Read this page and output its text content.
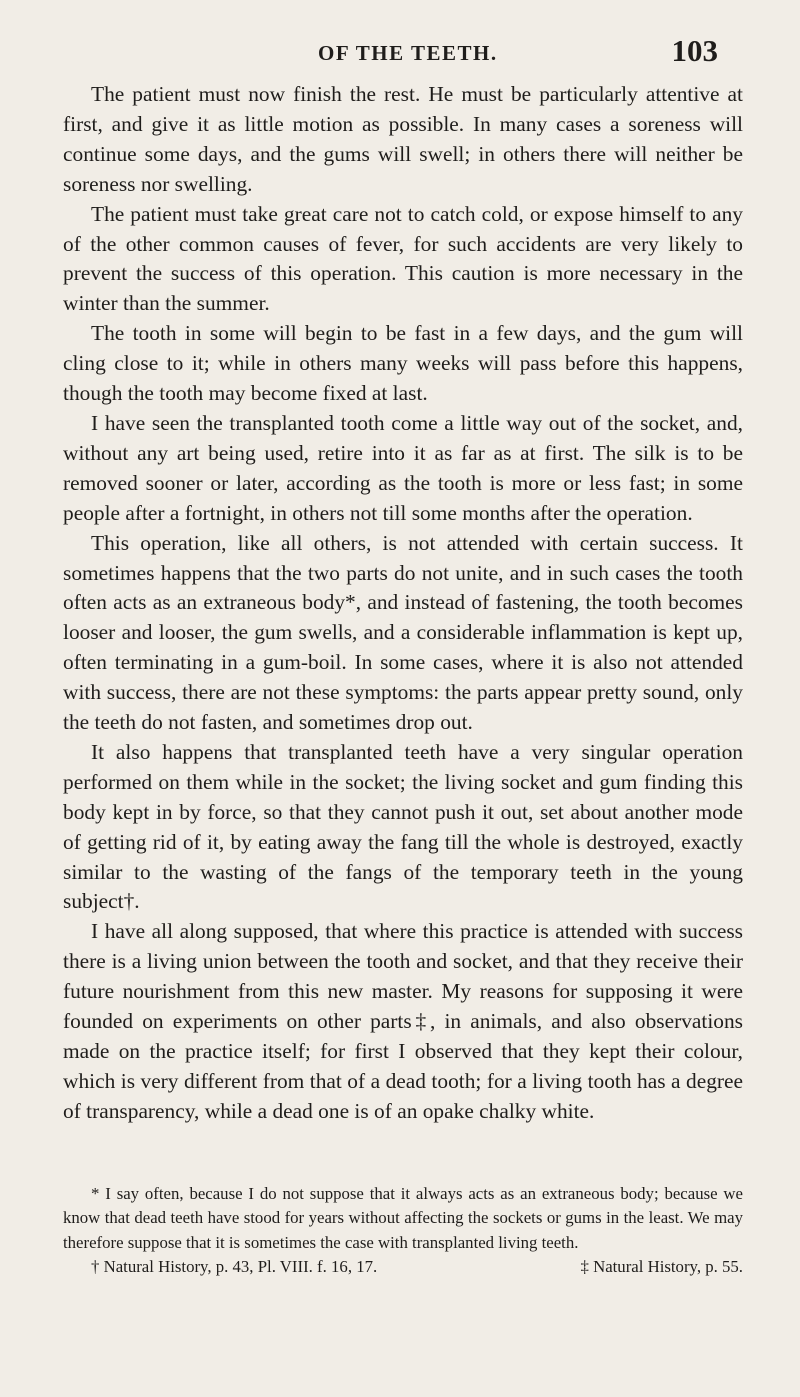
OF THE TEETH.	103

The patient must now finish the rest. He must be particularly attentive at first, and give it as little motion as possible. In many cases a soreness will continue some days, and the gums will swell; in others there will neither be soreness nor swelling.

The patient must take great care not to catch cold, or expose himself to any of the other common causes of fever, for such accidents are very likely to prevent the success of this operation. This caution is more necessary in the winter than the summer.

The tooth in some will begin to be fast in a few days, and the gum will cling close to it; while in others many weeks will pass before this happens, though the tooth may become fixed at last.

I have seen the transplanted tooth come a little way out of the socket, and, without any art being used, retire into it as far as at first. The silk is to be removed sooner or later, according as the tooth is more or less fast; in some people after a fortnight, in others not till some months after the operation.

This operation, like all others, is not attended with certain success. It sometimes happens that the two parts do not unite, and in such cases the tooth often acts as an extraneous body*, and instead of fastening, the tooth becomes looser and looser, the gum swells, and a considerable inflammation is kept up, often terminating in a gum-boil. In some cases, where it is also not attended with success, there are not these symptoms: the parts appear pretty sound, only the teeth do not fasten, and sometimes drop out.

It also happens that transplanted teeth have a very singular operation performed on them while in the socket; the living socket and gum finding this body kept in by force, so that they cannot push it out, set about another mode of getting rid of it, by eating away the fang till the whole is destroyed, exactly similar to the wasting of the fangs of the temporary teeth in the young subject†.

I have all along supposed, that where this practice is attended with success there is a living union between the tooth and socket, and that they receive their future nourishment from this new master. My reasons for supposing it were founded on experiments on other parts‡, in animals, and also observations made on the practice itself; for first I observed that they kept their colour, which is very different from that of a dead tooth; for a living tooth has a degree of transparency, while a dead one is of an opake chalky white.

* I say often, because I do not suppose that it always acts as an extraneous body; because we know that dead teeth have stood for years without affecting the sockets or gums in the least. We may therefore suppose that it is sometimes the case with transplanted living teeth.

† Natural History, p. 43, Pl. VIII. f. 16, 17.	‡ Natural History, p. 55.
